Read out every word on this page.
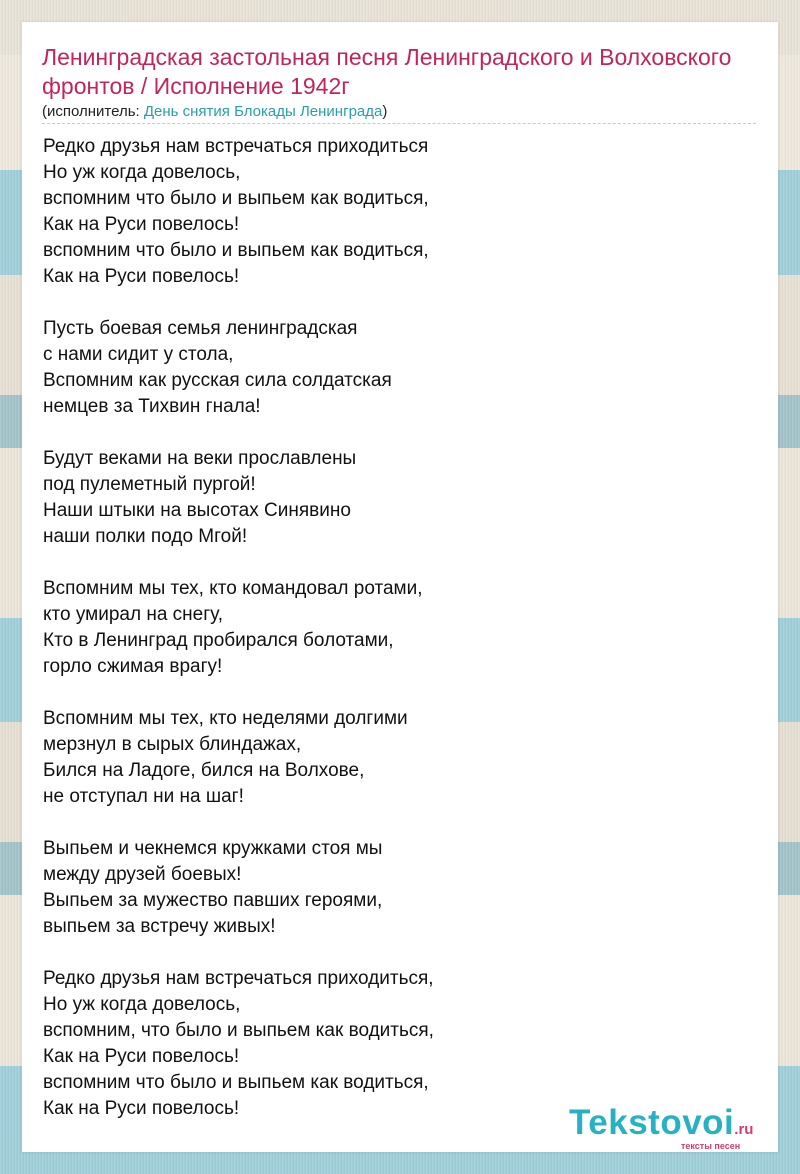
Ленинградская застольная песня Ленинградского и Волховского фронтов / Исполнение 1942г
(исполнитель: День снятия Блокады Ленинграда)
Редко друзья нам встречаться приходиться
Но уж когда довелось,
вспомним что было и выпьем как водиться,
Как на Руси повелось!
вспомним что было и выпьем как водиться,
Как на Руси повелось!
Пусть боевая семья ленинградская
с нами сидит у стола,
Вспомним как русская сила солдатская
немцев за Тихвин гнала!
Будут веками на веки прославлены
под пулеметный пургой!
Наши штыки на высотах Синявино
наши полки подо Мгой!
Вспомним мы тех, кто командовал ротами,
кто умирал на снегу,
Кто в Ленинград пробирался болотами,
горло сжимая врагу!
Вспомним мы тех, кто неделями долгими
мерзнул в сырых блиндажах,
Бился на Ладоге, бился на Волхове,
не отступал ни на шаг!
Выпьем и чекнемся кружками стоя мы
между друзей боевых!
Выпьем за мужество павших героями,
выпьем за встречу живых!
Редко друзья нам встречаться приходиться,
Но уж когда довелось,
вспомним, что было и выпьем как водиться,
Как на Руси повелось!
вспомним что было и выпьем как водиться,
Как на Руси повелось!	Tekstovoi.ru
тексты песен
